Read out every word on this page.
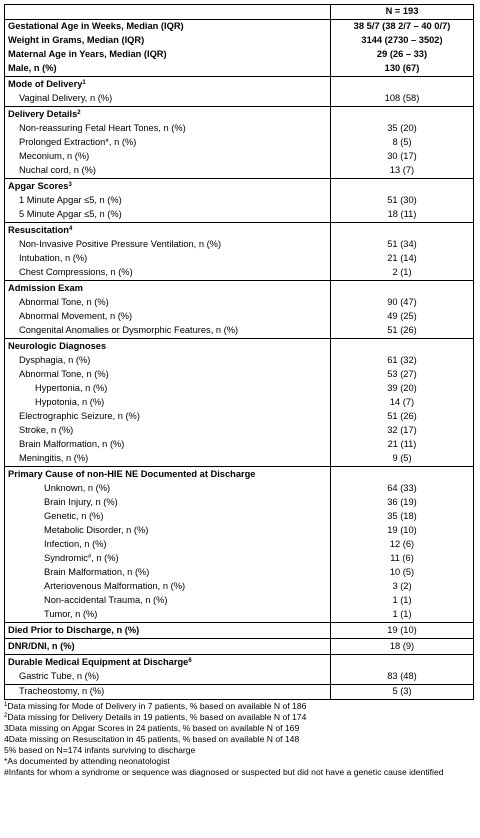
	N = 193
Gestational Age in Weeks, Median (IQR)	38 5/7 (38 2/7 – 40 0/7)
Weight in Grams, Median (IQR)	3144 (2730 – 3502)
Maternal Age in Years, Median (IQR)	29 (26 – 33)
Male, n (%)	130 (67)
Mode of Delivery$^1$	
Vaginal Delivery, n (%)	108 (58)
Delivery Details$^2$	
Non-reassuring Fetal Heart Tones, n (%)	35 (20)
Prolonged Extraction*, n (%)	8 (5)
Meconium, n (%)	30 (17)
Nuchal cord, n (%)	13 (7)
Apgar Scores$^3$	
1 Minute Apgar ≤5, n (%)	51 (30)
5 Minute Apgar ≤5, n (%)	18 (11)
Resuscitation$^4$	
Non-Invasive Positive Pressure Ventilation, n (%)	51 (34)
Intubation, n (%)	21 (14)
Chest Compressions, n (%)	2 (1)
Admission Exam	
Abnormal Tone, n (%)	90 (47)
Abnormal Movement, n (%)	49 (25)
Congenital Anomalies or Dysmorphic Features, n (%)	51 (26)
Neurologic Diagnoses	
Dysphagia, n (%)	61 (32)
Abnormal Tone, n (%)	53 (27)
Hypertonia, n (%)	39 (20)
Hypotonia, n (%)	14 (7)
Electrographic Seizure, n (%)	51 (26)
Stroke, n (%)	32 (17)
Brain Malformation, n (%)	21 (11)
Meningitis, n (%)	9 (5)
Primary Cause of non-HIE NE Documented at Discharge	
Unknown, n (%)	64 (33)
Brain Injury, n (%)	36 (19)
Genetic, n (%)	35 (18)
Metabolic Disorder, n (%)	19 (10)
Infection, n (%)	12 (6)
Syndromic#, n (%)	11 (6)
Brain Malformation, n (%)	10 (5)
Arteriovenous Malformation, n (%)	3 (2)
Non-accidental Trauma, n (%)	1 (1)
Tumor, n (%)	1 (1)
Died Prior to Discharge, n (%)	19 (10)
DNR/DNI, n (%)	18 (9)
Durable Medical Equipment at Discharge$^6$	
Gastric Tube, n (%)	83 (48)
Tracheostomy, n (%)	5 (3)
$^1$Data missing for Mode of Delivery in 7 patients, % based on available N of 186
$^2$Data missing for Delivery Details in 19 patients, % based on available N of 174
3Data missing on Apgar Scores in 24 patients, % based on available N of 169
4Data missing on Resuscitation in 45 patients, % based on available N of 148
5% based on N=174 infants surviving to discharge
*As documented by attending neonatologist
#Infants for whom a syndrome or sequence was diagnosed or suspected but did not have a genetic cause identified
